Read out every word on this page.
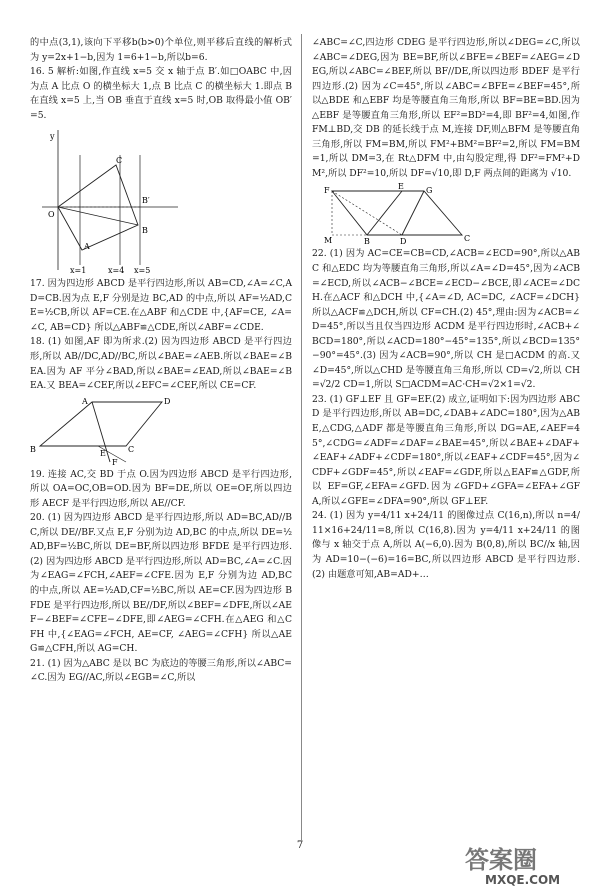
的中点(3,1),该向下平移b(b>0)个单位,则平移后直线的解析式为 y=2x+1−b,因为 1=6+1−b,所以b=6.
16. 5 解析:如图,作直线 x=5 交 x 轴于点 B′.如□OABC 中,因为点 A 比点 O 的横坐标大 1,点 B 比点 C 的横坐标大 1.即点 B 在直线 x=5 上,当 OB 垂直于直线 x=5 时,OB 取得最小值 OB′=5.
y
O
C
B′
B
A
x=1	x=4 x=5
17. 因为四边形 ABCD 是平行四边形,所以 AB=CD,∠A=∠C,AD=CB.因为点 E,F 分别是边 BC,AD 的中点,所以 AF=½AD,CE=½CB,所以 AF=CE.在△ABF 和△CDE 中,{AF=CE, ∠A=∠C, AB=CD} 所以△ABF≌△CDE,所以∠ABF=∠CDE.
18. (1) 如图,AF 即为所求.(2) 因为四边形 ABCD 是平行四边形,所以 AB//DC,AD//BC,所以∠BAE=∠AEB.所以∠BAE=∠BEA.因为 AF 平分∠BAD,所以∠BAE=∠EAD,所以∠BAE=∠BEA.又 BEA=∠CEF,所以∠EFC=∠CEF,所以 CE=CF.
A	D
B	E	C
F
19. 连接 AC,交 BD 于点 O.因为四边形 ABCD 是平行四边形,所以 OA=OC,OB=OD.因为 BF=DE,所以 OE=OF,所以四边形 AECF 是平行四边形,所以 AE//CF.
20. (1) 因为四边形 ABCD 是平行四边形,所以 AD=BC,AD//BC,所以 DE//BF.又点 E,F 分别为边 AD,BC 的中点,所以 DE=½AD,BF=½BC,所以 DE=BF,所以四边形 BFDE 是平行四边形.(2) 因为四边形 ABCD 是平行四边形,所以 AD=BC,∠A=∠C.因为∠EAG=∠FCH,∠AEF=∠CFE.因为 E,F 分别为边 AD,BC 的中点,所以 AE=½AD,CF=½BC,所以 AE=CF.因为四边形 BFDE 是平行四边形,所以 BE//DF,所以∠BEF=∠DFE,所以∠AEF−∠BEF=∠CFE−∠DFE,即∠AEG=∠CFH.在△AEG 和△CFH 中,{∠EAG=∠FCH, AE=CF, ∠AEG=∠CFH} 所以△AEG≌△CFH,所以 AG=CH.
21. (1) 因为△ABC 是以 BC 为底边的等腰三角形,所以∠ABC=∠C.因为 EG//AC,所以∠EGB=∠C,所以
∠ABC=∠C,四边形 CDEG 是平行四边形,所以∠DEG=∠C,所以∠ABC=∠DEG,因为 BE=BF,所以∠BFE=∠BEF=∠AEG=∠DEG,所以∠ABC=∠BEF,所以 BF//DE,所以四边形 BDEF 是平行四边形.(2) 因为∠C=45°,所以∠ABC=∠BFE=∠BEF=45°,所以△BDE 和△EBF 均是等腰直角三角形,所以 BF=BE=BD.因为△EBF 是等腰直角三角形,所以 EF²=BD²=4,即 BF²=4,如图,作 FM⊥BD,交 DB 的延长线于点 M,连接 DF,则△BFM 是等腰直角三角形,所以 FM=BM,所以 FM²+BM²=BF²=2,所以 FM=BM=1,所以 DM=3,在 Rt△DFM 中,由勾股定理,得 DF²=FM²+DM²,所以 DF²=10,所以 DF=√10,即 D,F 两点间的距离为 √10.
F	E	G
M	B	D	C
22. (1) 因为 AC=CE=CB=CD,∠ACB=∠ECD=90°,所以△ABC 和△EDC 均为等腰直角三角形,所以∠A=∠D=45°,因为∠ACB=∠ECD,所以∠ACB−∠BCE=∠ECD−∠BCE,即∠ACE=∠DCH.在△ACF 和△DCH 中,{∠A=∠D, AC=DC, ∠ACF=∠DCH} 所以△ACF≌△DCH,所以 CF=CH.(2) 45°,理由:因为∠ACB=∠D=45°,所以当且仅当四边形 ACDM 是平行四边形时,∠ACB+∠BCD=180°,所以∠ACD=180°−45°=135°,所以∠BCD=135°−90°=45°.(3) 因为∠ACB=90°,所以 CH 是□ACDM 的高.又∠D=45°,所以△CHD 是等腰直角三角形,所以 CD=√2,所以 CH=√2/2 CD=1,所以 S□ACDM=AC·CH=√2×1=√2.
23. (1) GF⊥EF 且 GF=EF.(2) 成立,证明如下:因为四边形 ABCD 是平行四边形,所以 AB=DC,∠DAB+∠ADC=180°,因为△ABE,△CDG,△ADF 都是等腰直角三角形,所以 DG=AE,∠AEF=45°,∠CDG=∠ADF=∠DAF=∠BAE=45°,所以∠BAE+∠DAF+∠EAF+∠ADF+∠CDF=180°,所以∠EAF+∠CDF=45°,因为∠CDF+∠GDF=45°,所以∠EAF=∠GDF,所以△EAF≌△GDF,所以 EF=GF,∠EFA=∠GFD.因为∠GFD+∠GFA=∠EFA+∠GFA,所以∠GFE=∠DFA=90°,所以 GF⊥EF.
24. (1) 因为 y=4/11 x+24/11 的图像过点 C(16,n),所以 n=4/11×16+24/11=8,所以 C(16,8).因为 y=4/11 x+24/11 的图像与 x 轴交于点 A,所以 A(−6,0).因为 B(0,8),所以 BC//x 轴,因为 AD=10−(−6)=16=BC,所以四边形 ABCD 是平行四边形.(2) 由题意可知,AB=AD+…
7
答案圈
MXQE.COM
